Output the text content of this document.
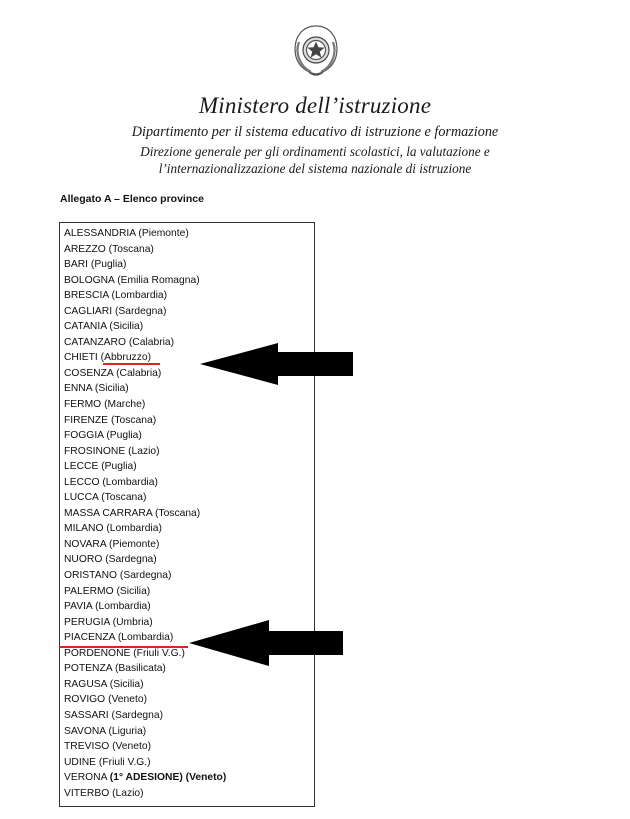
Ministero dell’istruzione
Dipartimento per il sistema educativo di istruzione e formazione
Direzione generale per gli ordinamenti scolastici, la valutazione e
l’internazionalizzazione del sistema nazionale di istruzione
Allegato A – Elenco province
ALESSANDRIA (Piemonte)
AREZZO (Toscana)
BARI (Puglia)
BOLOGNA (Emilia Romagna)
BRESCIA (Lombardia)
CAGLIARI (Sardegna)
CATANIA (Sicilia)
CATANZARO (Calabria)
CHIETI (Abbruzzo)
COSENZA (Calabria)
ENNA (Sicilia)
FERMO (Marche)
FIRENZE (Toscana)
FOGGIA (Puglia)
FROSINONE (Lazio)
LECCE (Puglia)
LECCO (Lombardia)
LUCCA (Toscana)
MASSA CARRARA (Toscana)
MILANO (Lombardia)
NOVARA (Piemonte)
NUORO (Sardegna)
ORISTANO (Sardegna)
PALERMO (Sicilia)
PAVIA (Lombardia)
PERUGIA (Umbria)
PIACENZA (Lombardia)
PORDENONE (Friuli V.G.)
POTENZA (Basilicata)
RAGUSA (Sicilia)
ROVIGO (Veneto)
SASSARI (Sardegna)
SAVONA (Liguria)
TREVISO (Veneto)
UDINE (Friuli V.G.)
VERONA (1° ADESIONE) (Veneto)
VITERBO (Lazio)
